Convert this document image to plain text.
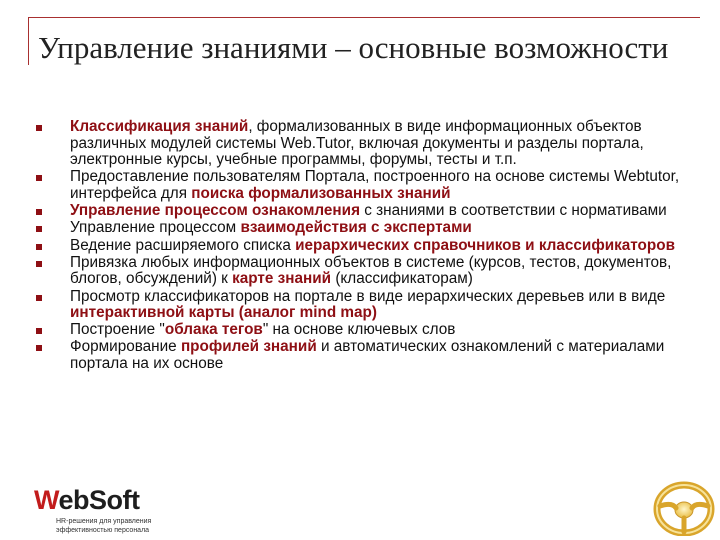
Управление знаниями – основные возможности
Классификация знаний, формализованных в виде информационных объектов различных модулей системы Web.Tutor, включая документы и разделы портала, электронные курсы, учебные программы, форумы, тесты и т.п.
Предоставление пользователям Портала, построенного на основе системы Webtutor, интерфейса для поиска формализованных знаний
Управление процессом ознакомления с знаниями в соответствии с нормативами
Управление процессом взаимодействия с экспертами
Ведение расширяемого списка иерархических справочников и классификаторов
Привязка любых информационных объектов в системе (курсов, тестов, документов, блогов, обсуждений) к карте знаний (классификаторам)
Просмотр классификаторов на портале в виде иерархических деревьев или в виде интерактивной карты (аналог mind map)
Построение "облака тегов" на основе ключевых слов
Формирование профилей знаний и автоматических ознакомлений с материалами портала на их основе
WebSoft
HR-решения для управления эффективностью персонала
